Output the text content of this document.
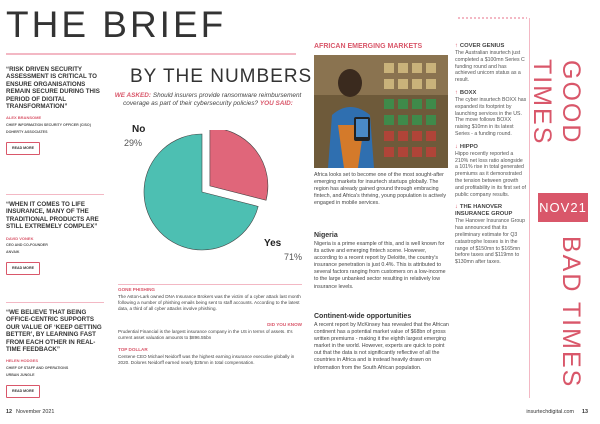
THE BRIEF
“RISK DRIVEN SECURITY ASSESSMENT IS CRITICAL TO ENSURE ORGANISATIONS REMAIN SECURE DURING THIS PERIOD OF DIGITAL TRANSFORMATION”
ALEX BRANSOME
CHIEF INFORMATION SECURITY OFFICER (CISO)
DOHERTY ASSOCIATES
READ MORE
“WHEN IT COMES TO LIFE INSURANCE, MANY OF THE TRADITIONAL PRODUCTS ARE STILL EXTREMELY COMPLEX”
DAVID VONEK
CEO AND CO-FOUNDER
ANVAIK
READ MORE
“WE BELIEVE THAT BEING OFFICE-CENTRIC SUPPORTS OUR VALUE OF ‘KEEP GETTING BETTER’, BY LEARNING FAST FROM EACH OTHER IN REAL-TIME FEEDBACK”
HELEN HODGES
CHIEF OF STAFF AND OPERATIONS
URBAN JUNGLE
READ MORE
BY THE NUMBERS
WE ASKED: Should insurers provide ransomware reimbursement coverage as part of their cybersecurity policies? YOU SAID:
No
29%
Yes
71%
GONE PHISHING
The Aston-Lark owned DNA Insurance Brokers was the victim of a cyber attack last month following a number of phishing emails being sent to staff accounts. According to the latest data, a third of all cyber attacks involve phishing.
DID YOU KNOW
Prudential Financial is the largest insurance company in the US in terms of assets. It's current asset valuation amounts to $896.55bn
TOP DOLLAR
Centene CEO Michael Neidorff was the highest earning insurance executive globally in 2020. Dolores Neidorff earned nearly $25mn in total compensation.
AFRICAN EMERGING MARKETS
Africa looks set to become one of the most sought-after emerging markets for insurtech startups globally. The region has already gained ground through embracing fintech, and Africa's thriving, young population is actively engaged in mobile services.
Nigeria
Nigeria is a prime example of this, and is well known for its active and emerging fintech scene. However, according to a recent report by Deloitte, the country's insurance penetration is just 0.4%. This is attributed to several factors ranging from customers on a low-income to the large unbanked sector resulting in relatively low insurance levels.
Continent-wide opportunities
A recent report by McKinsey has revealed that the African continent has a potential market value of $68bn of gross written premiums - making it the eighth largest emerging market in the world. However, experts are quick to point out that the data is not significantly reflective of all the countries in Africa and is instead heavily drawn on information from the South African population.
↑ COVER GENIUS
The Australian insurtech just completed a $100mn Series C funding round and has achieved unicorn status as a result.
↑ BOXX
The cyber insurtech BOXX has expanded its footprint by launching services in the US. The move follows BOXX raising $10mn in its latest Series - a funding round.
↓ HIPPO
Hippo recently reported a 210% net loss ratio alongside a 101% rise in total generated premiums as it demonstrated the tension between growth and profitability in its first set of public company results.
↓ THE HANOVER INSURANCE GROUP
The Hanover Insurance Group has announced that its preliminary estimate for Q3 catastrophe losses is in the range of $150mn to $165mn before taxes and $119mn to $130mn after taxes.
GOOD TIMES
NOV21
BAD TIMES
12 November 2021	insurtechdigital.com 13
